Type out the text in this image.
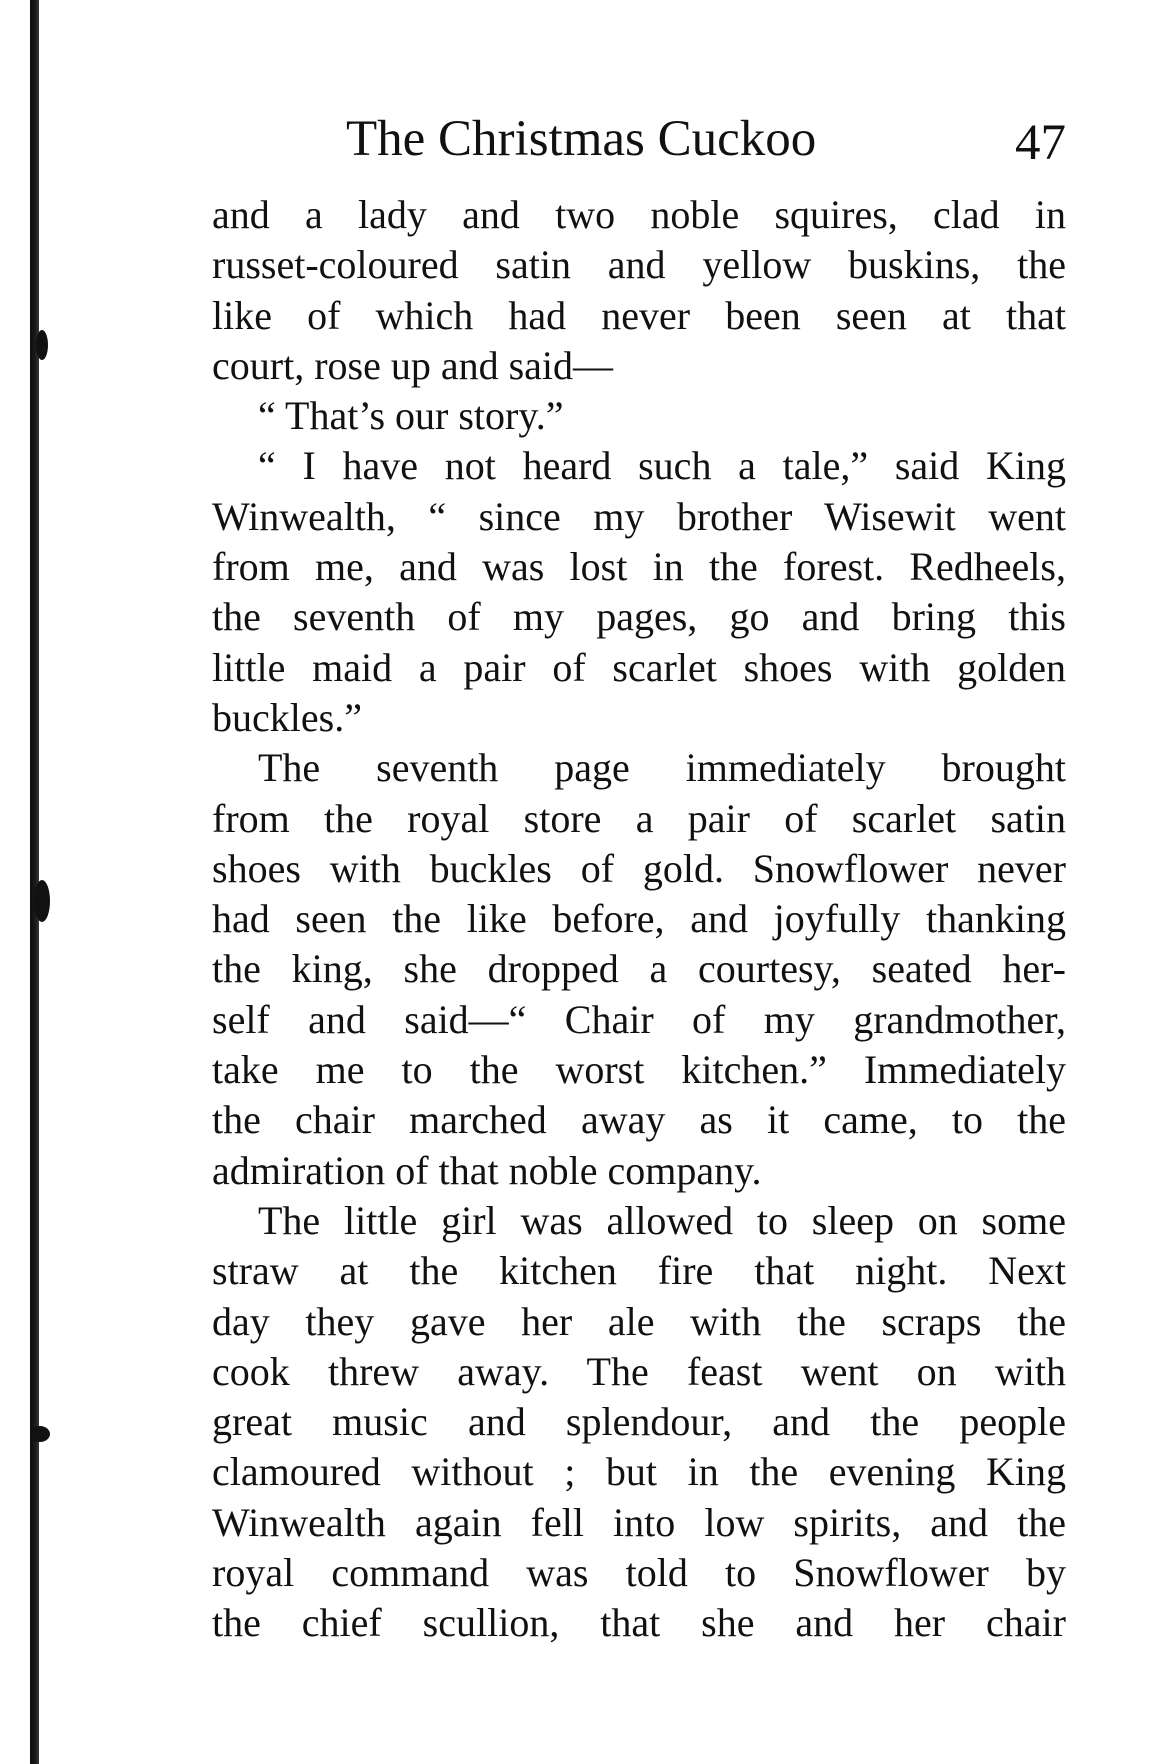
The Christmas Cuckoo	47
and a lady and two noble squires, clad in
russet-coloured satin and yellow buskins, the
like of which had never been seen at that
court, rose up and said—
“ That’s our story.”
“ I have not heard such a tale,” said King
Winwealth, “ since my brother Wisewit went
from me, and was lost in the forest. Redheels,
the seventh of my pages, go and bring this
little maid a pair of scarlet shoes with golden
buckles.”
The seventh page immediately brought
from the royal store a pair of scarlet satin
shoes with buckles of gold. Snowflower never
had seen the like before, and joyfully thanking
the king, she dropped a courtesy, seated her-
self and said—“ Chair of my grandmother,
take me to the worst kitchen.” Immediately
the chair marched away as it came, to the
admiration of that noble company.
The little girl was allowed to sleep on some
straw at the kitchen fire that night. Next
day they gave her ale with the scraps the
cook threw away. The feast went on with
great music and splendour, and the people
clamoured without ; but in the evening King
Winwealth again fell into low spirits, and the
royal command was told to Snowflower by
the chief scullion, that she and her chair
